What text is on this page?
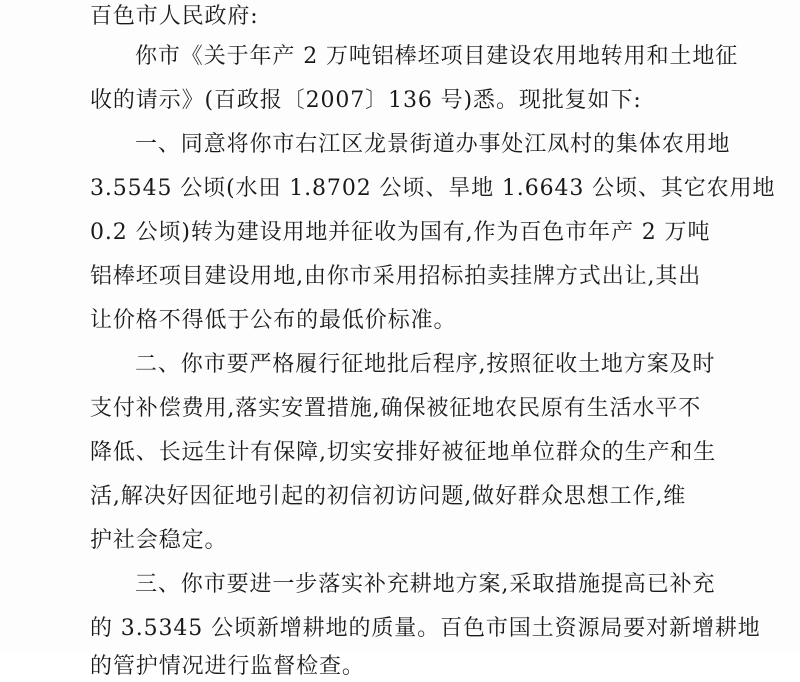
百色市人民政府:
你市《关于年产 2 万吨铝棒坯项目建设农用地转用和土地征
收的请示》(百政报〔2007〕136 号)悉。现批复如下:
一、同意将你市右江区龙景街道办事处江凤村的集体农用地
3.5545 公顷(水田 1.8702 公顷、旱地 1.6643 公顷、其它农用地
0.2 公顷)转为建设用地并征收为国有,作为百色市年产 2 万吨
铝棒坯项目建设用地,由你市采用招标拍卖挂牌方式出让,其出
让价格不得低于公布的最低价标准。
二、你市要严格履行征地批后程序,按照征收土地方案及时
支付补偿费用,落实安置措施,确保被征地农民原有生活水平不
降低、长远生计有保障,切实安排好被征地单位群众的生产和生
活,解决好因征地引起的初信初访问题,做好群众思想工作,维
护社会稳定。
三、你市要进一步落实补充耕地方案,采取措施提高已补充
的 3.5345 公顷新增耕地的质量。百色市国土资源局要对新增耕地
的管护情况进行监督检查。
